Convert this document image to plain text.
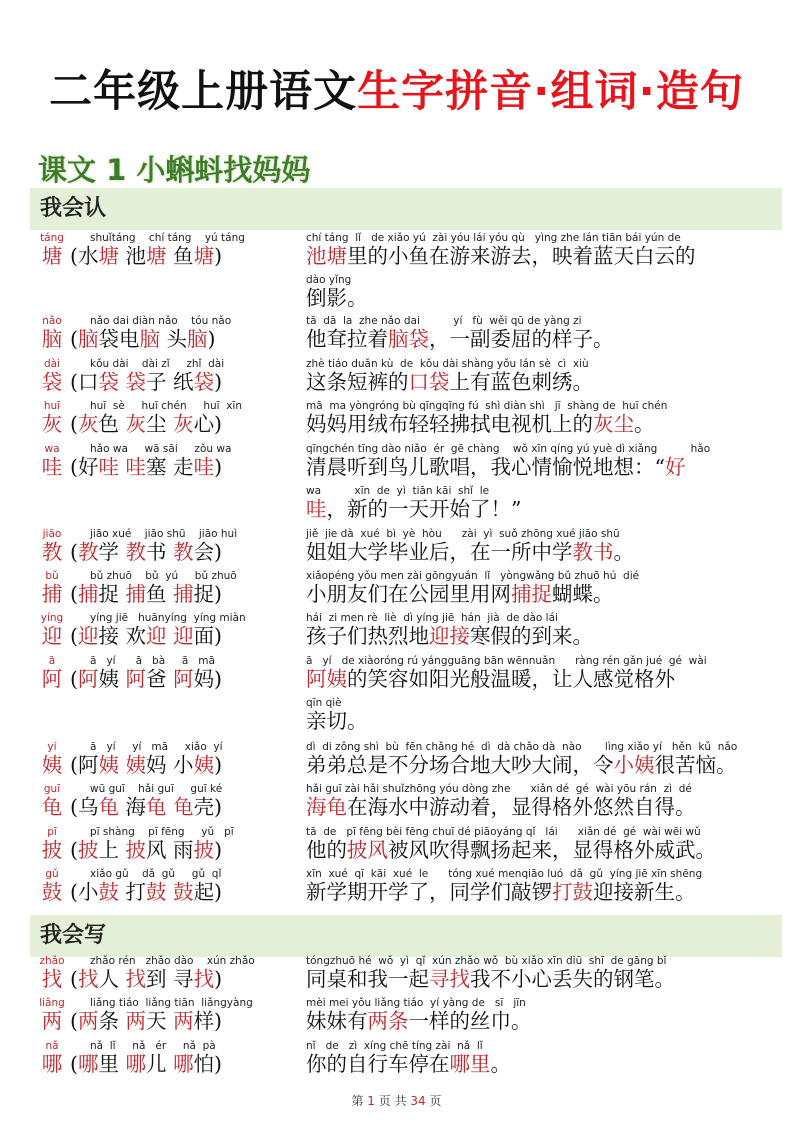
二年级上册语文生字拼音·组词·造句
课文 1 小蝌蚪找妈妈
我会认
我会写
táng
塘
shuǐtáng    chí táng    yú táng
(水塘 池塘 鱼塘)
chí táng  lǐ   de xiǎo yú  zài yóu lái yóu qù   yìng zhe lán tiān bái yún de
池塘里的小鱼在游来游去，映着蓝天白云的
dào yǐng
倒影。
nǎo
脑
nǎo dai diàn nǎo    tóu nǎo
(脑袋电脑 头脑)
tā  dā  la  zhe nǎo dai          yí   fù  wěi qū de yàng zi
他耷拉着脑袋，一副委屈的样子。
dài
袋
kǒu dài    dài zǐ     zhǐ  dài
(口袋 袋子 纸袋)
zhè tiáo duǎn kù  de  kǒu dài shàng yǒu lán sè  cì  xiù
这条短裤的口袋上有蓝色刺绣。
huī
灰
huī  sè     huī chén     huī  xīn
(灰色 灰尘 灰心)
mā  ma yòngróng bù qīngqīng fú  shì diàn shì   jī  shàng de  huī chén
妈妈用绒布轻轻拂拭电视机上的灰尘。
wa
哇
hǎo wa     wā sāi     zǒu wa
(好哇 哇塞 走哇)
qīngchén tīng dào niǎo  ér  gē chàng    wǒ xīn qíng yú yuè dì xiǎng          hǎo
清晨听到鸟儿歌唱，我心情愉悦地想：“好
wa          xīn  de  yì  tiān kāi  shǐ  le
哇，新的一天开始了！”
jiāo
教
jiāo xué    jiāo shū    jiāo huì
(教学 教书 教会)
jiě  jie dà  xué  bì  yè  hòu      zài  yì  suǒ zhōng xué jiāo shū
姐姐大学毕业后，在一所中学教书。
bǔ
捕
bǔ zhuō    bǔ  yú     bǔ zhuō
(捕捉 捕鱼 捕捉)
xiǎopéng yǒu men zài gōngyuán  lǐ   yòngwǎng bǔ zhuō hú  dié
小朋友们在公园里用网捕捉蝴蝶。
yíng
迎
yíng jiē   huānyíng  yíng miàn
(迎接 欢迎 迎面)
hái  zi men rè  liè  dì yíng jiē  hán  jià  de dào lái
孩子们热烈地迎接寒假的到来。
ā
阿
ā   yí      ā   bà     ā   mā
(阿姨 阿爸 阿妈)
ā   yí   de xiàoróng rú yángguāng bān wēnnuǎn      ràng rén gǎn jué  gé  wài
阿姨的笑容如阳光般温暖，让人感觉格外
qīn qiè
亲切。
yí
姨
ā   yí     yí   mā     xiǎo  yí
(阿姨 姨妈 小姨)
dì  di zǒng shì  bù  fēn chǎng hé  dì  dà chǎo dà  nào       lìng xiǎo yí   hěn  kǔ  nǎo
弟弟总是不分场合地大吵大闹，令小姨很苦恼。
guī
龟
wū guī    hǎi guī     guī ké
(乌龟 海龟 龟壳)
hǎi guī zài hǎi shuǐzhōng yóu dòng zhe      xiǎn dé  gé  wài yōu rán  zì  dé
海龟在海水中游动着，显得格外悠然自得。
pī
披
pī shàng    pī fēng     yǔ   pī
(披上 披风 雨披)
tā  de   pī fēng bèi fēng chuī dé piāoyáng qǐ   lái      xiǎn dé  gé  wài wēi wǔ
他的披风被风吹得飘扬起来，显得格外威武。
gǔ
鼓
xiǎo gǔ    dǎ  gǔ     gǔ  qǐ
(小鼓 打鼓 鼓起)
xīn  xué  qī  kāi  xué  le      tóng xué menqiāo luó  dǎ  gǔ  yíng jiē xīn shēng
新学期开学了，同学们敲锣打鼓迎接新生。
zhǎo
找
zhǎo rén   zhǎo dào    xún zhǎo
(找人 找到 寻找)
tóngzhuō hé  wǒ  yì  qǐ  xún zhǎo wǒ  bù xiǎo xīn diū  shī  de gāng bǐ
同桌和我一起寻找我不小心丢失的钢笔。
liǎng
两
liǎng tiáo  liǎng tiān  liǎngyàng
(两条 两天 两样)
mèi mei yǒu liǎng tiáo  yí yàng de   sī   jīn
妹妹有两条一样的丝巾。
nǎ
哪
nǎ  lǐ     nǎ   ér     nǎ  pà
(哪里 哪儿 哪怕)
nǐ   de   zì  xíng chē tíng zài  nǎ  lǐ
你的自行车停在哪里。
第 1 页 共 34 页
